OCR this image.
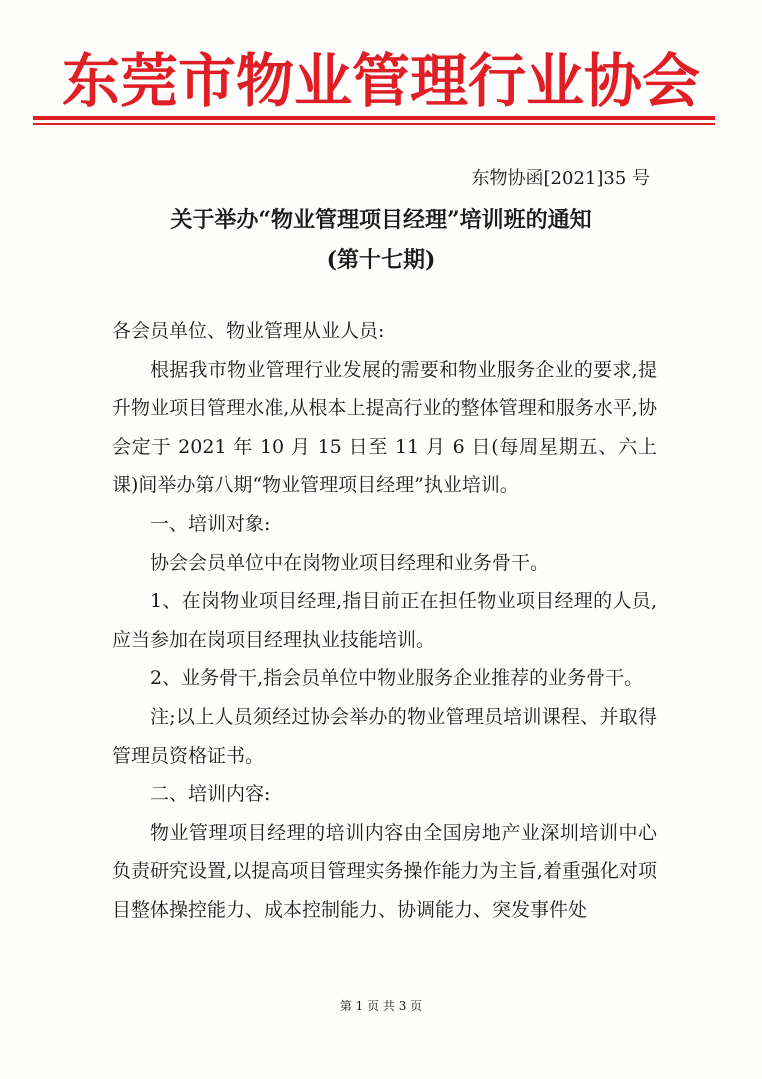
东莞市物业管理行业协会
东物协函[2021]35 号
关于举办“物业管理项目经理”培训班的通知
(第十七期)

各会员单位、物业管理从业人员:

根据我市物业管理行业发展的需要和物业服务企业的要求,提升物业项目管理水准,从根本上提高行业的整体管理和服务水平,协会定于 2021 年 10 月 15 日至 11 月 6 日(每周星期五、六上课)间举办第八期“物业管理项目经理”执业培训。

一、培训对象:

协会会员单位中在岗物业项目经理和业务骨干。

1、在岗物业项目经理,指目前正在担任物业项目经理的人员,应当参加在岗项目经理执业技能培训。

2、业务骨干,指会员单位中物业服务企业推荐的业务骨干。

注;以上人员须经过协会举办的物业管理员培训课程、并取得管理员资格证书。

二、培训内容:

物业管理项目经理的培训内容由全国房地产业深圳培训中心负责研究设置,以提高项目管理实务操作能力为主旨,着重强化对项目整体操控能力、成本控制能力、协调能力、突发事件处

第 1 页 共 3 页
